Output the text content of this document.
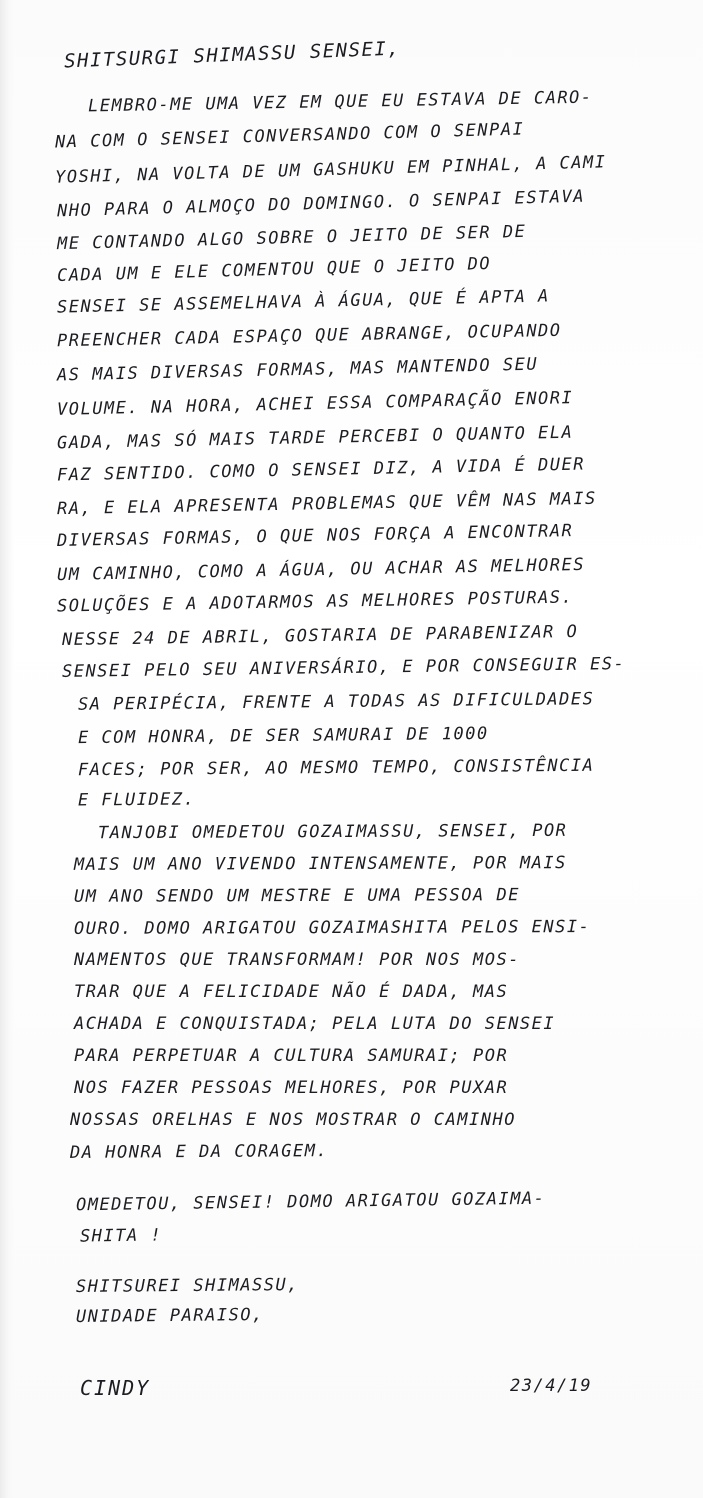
SHITSURGI SHIMASSU SENSEI,

LEMBRO-ME UMA VEZ EM QUE EU ESTAVA DE CARO-

NA COM O SENSEI CONVERSANDO COM O SENPAI

YOSHI, NA VOLTA DE UM GASHUKU EM PINHAL, A CAMI

NHO PARA O ALMOÇO DO DOMINGO. O SENPAI ESTAVA

ME CONTANDO ALGO SOBRE O JEITO DE SER DE

CADA UM E ELE COMENTOU QUE O JEITO DO

SENSEI SE ASSEMELHAVA À ÁGUA, QUE É APTA A

PREENCHER CADA ESPAÇO QUE ABRANGE, OCUPANDO

AS MAIS DIVERSAS FORMAS, MAS MANTENDO SEU

VOLUME. NA HORA, ACHEI ESSA COMPARAÇÃO ENORI

GADA, MAS SÓ MAIS TARDE PERCEBI O QUANTO ELA

FAZ SENTIDO. COMO O SENSEI DIZ, A VIDA É DUER

RA, E ELA APRESENTA PROBLEMAS QUE VÊM NAS MAIS

DIVERSAS FORMAS, O QUE NOS FORÇA A ENCONTRAR

UM CAMINHO, COMO A ÁGUA, OU ACHAR AS MELHORES

SOLUÇÕES E A ADOTARMOS AS MELHORES POSTURAS.

NESSE 24 DE ABRIL, GOSTARIA DE PARABENIZAR O

SENSEI PELO SEU ANIVERSÁRIO, E POR CONSEGUIR ES-

SA PERIPÉCIA, FRENTE A TODAS AS DIFICULDADES

E COM HONRA, DE SER SAMURAI DE 1000

FACES; POR SER, AO MESMO TEMPO, CONSISTÊNCIA

E FLUIDEZ.

TANJOBI OMEDETOU GOZAIMASSU, SENSEI, POR

MAIS UM ANO VIVENDO INTENSAMENTE, POR MAIS

UM ANO SENDO UM MESTRE E UMA PESSOA DE

OURO. DOMO ARIGATOU GOZAIMASHITA PELOS ENSI-

NAMENTOS QUE TRANSFORMAM! POR NOS MOS-

TRAR QUE A FELICIDADE NÃO É DADA, MAS

ACHADA E CONQUISTADA; PELA LUTA DO SENSEI

PARA PERPETUAR A CULTURA SAMURAI; POR

NOS FAZER PESSOAS MELHORES, POR PUXAR

NOSSAS ORELHAS E NOS MOSTRAR O CAMINHO

DA HONRA E DA CORAGEM.

OMEDETOU, SENSEI! DOMO ARIGATOU GOZAIMA-

SHITA !

SHITSUREI SHIMASSU,

UNIDADE PARAISO,

CINDY	23/4/19
